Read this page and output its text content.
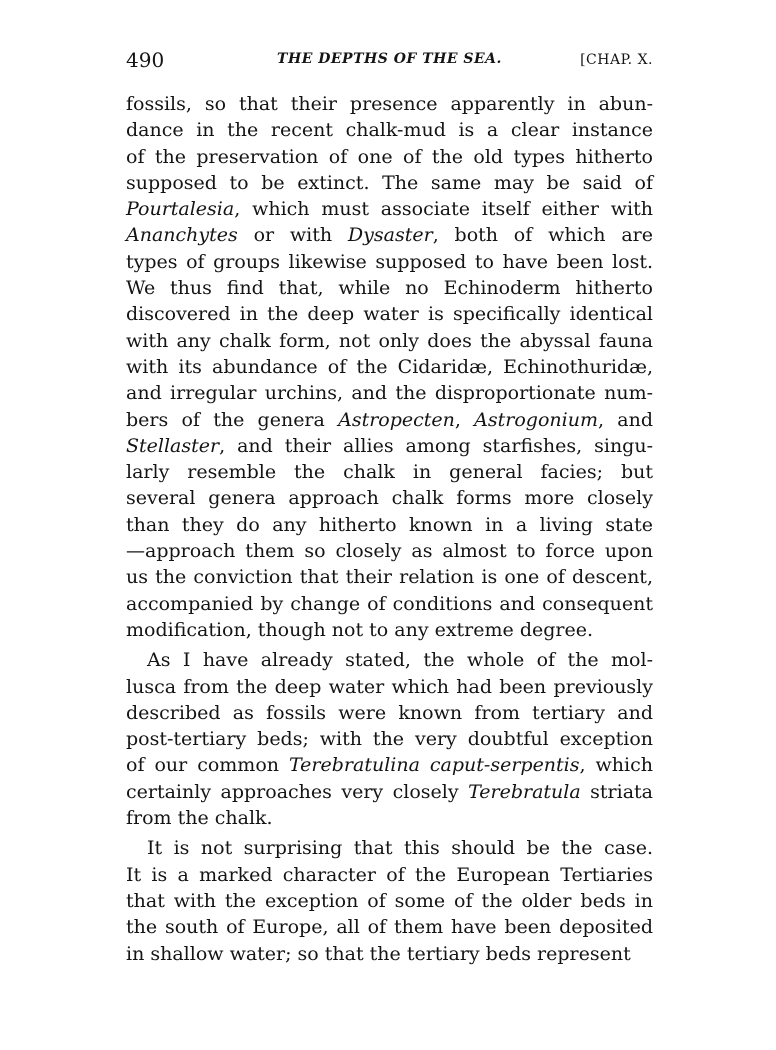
490	THE DEPTHS OF THE SEA.	[CHAP. X.
fossils, so that their presence apparently in abun-
dance in the recent chalk-mud is a clear instance
of the preservation of one of the old types hitherto
supposed to be extinct. The same may be said of
Pourtalesia, which must associate itself either with
Ananchytes or with Dysaster, both of which are
types of groups likewise supposed to have been lost.
We thus find that, while no Echinoderm hitherto
discovered in the deep water is specifically identical
with any chalk form, not only does the abyssal fauna
with its abundance of the Cidaridæ, Echinothuridæ,
and irregular urchins, and the disproportionate num-
bers of the genera Astropecten, Astrogonium, and
Stellaster, and their allies among starfishes, singu-
larly resemble the chalk in general facies; but
several genera approach chalk forms more closely
than they do any hitherto known in a living state
—approach them so closely as almost to force upon
us the conviction that their relation is one of descent,
accompanied by change of conditions and consequent
modification, though not to any extreme degree.
As I have already stated, the whole of the mol-
lusca from the deep water which had been previously
described as fossils were known from tertiary and
post-tertiary beds; with the very doubtful exception
of our common Terebratulina caput-serpentis, which
certainly approaches very closely Terebratula striata
from the chalk.
It is not surprising that this should be the case.
It is a marked character of the European Tertiaries
that with the exception of some of the older beds in
the south of Europe, all of them have been deposited
in shallow water; so that the tertiary beds represent
